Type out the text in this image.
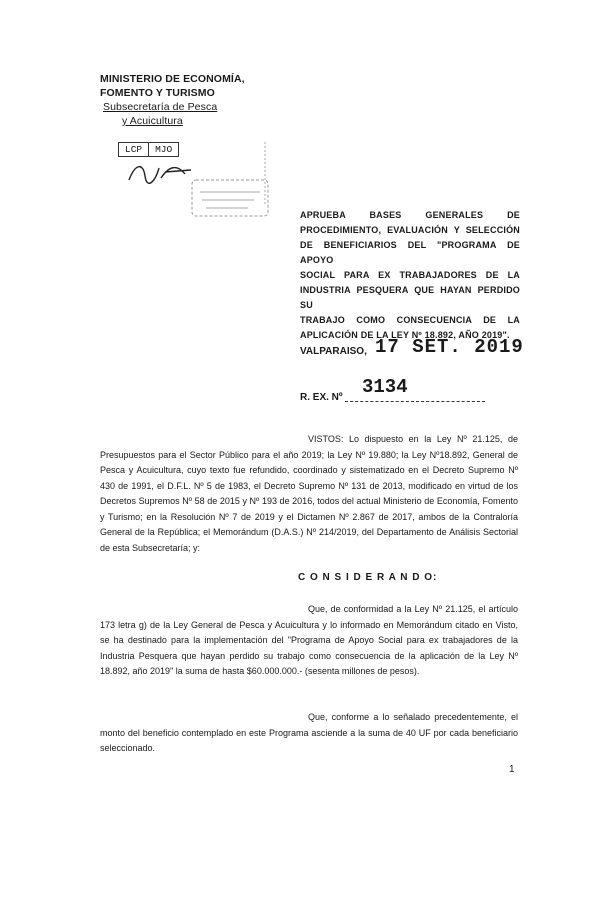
MINISTERIO DE ECONOMÍA,
FOMENTO Y TURISMO
Subsecretaría de Pesca
y Acuicultura
LCP	MJO
APRUEBA BASES GENERALES DE
PROCEDIMIENTO, EVALUACIÓN Y SELECCIÓN
DE BENEFICIARIOS DEL "PROGRAMA DE APOYO
SOCIAL PARA EX TRABAJADORES DE LA
INDUSTRIA PESQUERA QUE HAYAN PERDIDO SU
TRABAJO COMO CONSECUENCIA DE LA
APLICACIÓN DE LA LEY Nº 18.892, AÑO 2019".
VALPARAISO, 17 SET. 2019
R. EX. Nº 3134
VISTOS: Lo dispuesto en la Ley Nº 21.125, de Presupuestos para el Sector Público para el año 2019; la Ley Nº 19.880; la Ley Nº18.892, General de Pesca y Acuicultura, cuyo texto fue refundido, coordinado y sistematizado en el Decreto Supremo Nº 430 de 1991, el D.F.L. Nº 5 de 1983, el Decreto Supremo Nº 131 de 2013, modificado en virtud de los Decretos Supremos Nº 58 de 2015 y Nº 193 de 2016, todos del actual Ministerio de Economía, Fomento y Turismo; en la Resolución Nº 7 de 2019 y el Dictamen Nº 2.867 de 2017, ambos de la Contraloría General de la República; el Memorándum (D.A.S.) Nº 214/2019, del Departamento de Análisis Sectorial de esta Subsecretaría; y:
C O N S I D E R A N D O:
Que, de conformidad a la Ley Nº 21.125, el artículo 173 letra g) de la Ley General de Pesca y Acuicultura y lo informado en Memorándum citado en Visto, se ha destinado para la implementación del "Programa de Apoyo Social para ex trabajadores de la Industria Pesquera que hayan perdido su trabajo como consecuencia de la aplicación de la Ley Nº 18.892, año 2019" la suma de hasta $60.000.000.- (sesenta millones de pesos).
Que, conforme a lo señalado precedentemente, el monto del beneficio contemplado en este Programa asciende a la suma de 40 UF por cada beneficiario seleccionado.
1
